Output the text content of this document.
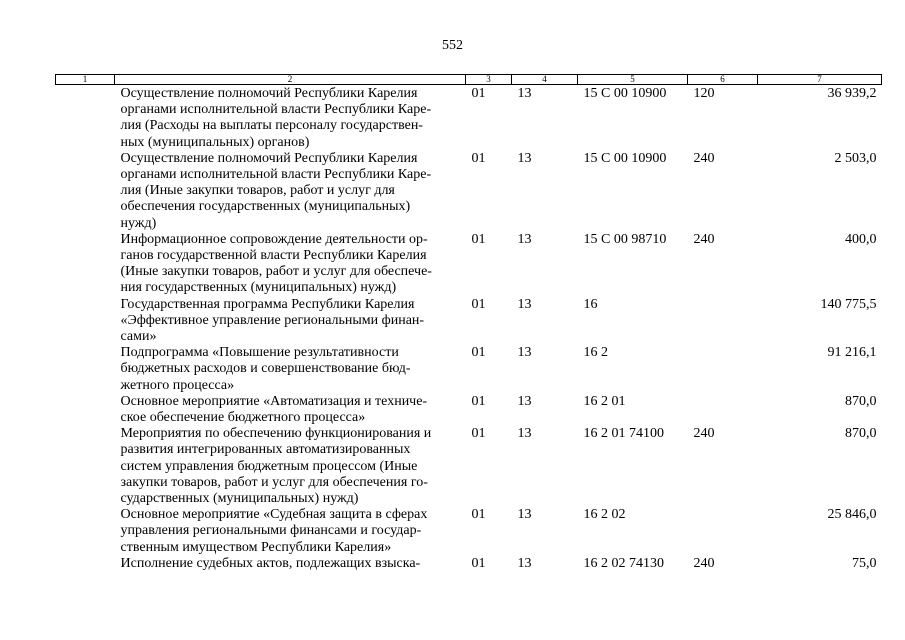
552
1	2	3	4	5	6	7

	Осуществление полномочий Республики Карелия
органами исполнительной власти Республики Каре-
лия (Расходы на выплаты персоналу государствен-
ных (муниципальных) органов)	01	13	15 С 00 10900	120	36 939,2

	Осуществление полномочий Республики Карелия
органами исполнительной власти Республики Каре-
лия (Иные закупки товаров, работ и услуг для
обеспечения государственных (муниципальных)
нужд)	01	13	15 С 00 10900	240	2 503,0

	Информационное сопровождение деятельности ор-
ганов государственной власти Республики Карелия
(Иные закупки товаров, работ и услуг для обеспече-
ния государственных (муниципальных) нужд)	01	13	15 С 00 98710	240	400,0

	Государственная программа Республики Карелия
«Эффективное управление региональными финан-
сами»	01	13	16		140 775,5

	Подпрограмма «Повышение результативности
бюджетных расходов и совершенствование бюд-
жетного процесса»	01	13	16 2		91 216,1

	Основное мероприятие «Автоматизация и техниче-
ское обеспечение бюджетного процесса»	01	13	16 2 01		870,0

	Мероприятия по обеспечению функционирования и
развития интегрированных автоматизированных
систем управления бюджетным процессом (Иные
закупки товаров, работ и услуг для обеспечения го-
сударственных (муниципальных) нужд)	01	13	16 2 01 74100	240	870,0

	Основное мероприятие «Судебная защита в сферах
управления региональными финансами и государ-
ственным имуществом Республики Карелия»	01	13	16 2 02		25 846,0

	Исполнение судебных актов, подлежащих взыска-	01	13	16 2 02 74130	240	75,0
